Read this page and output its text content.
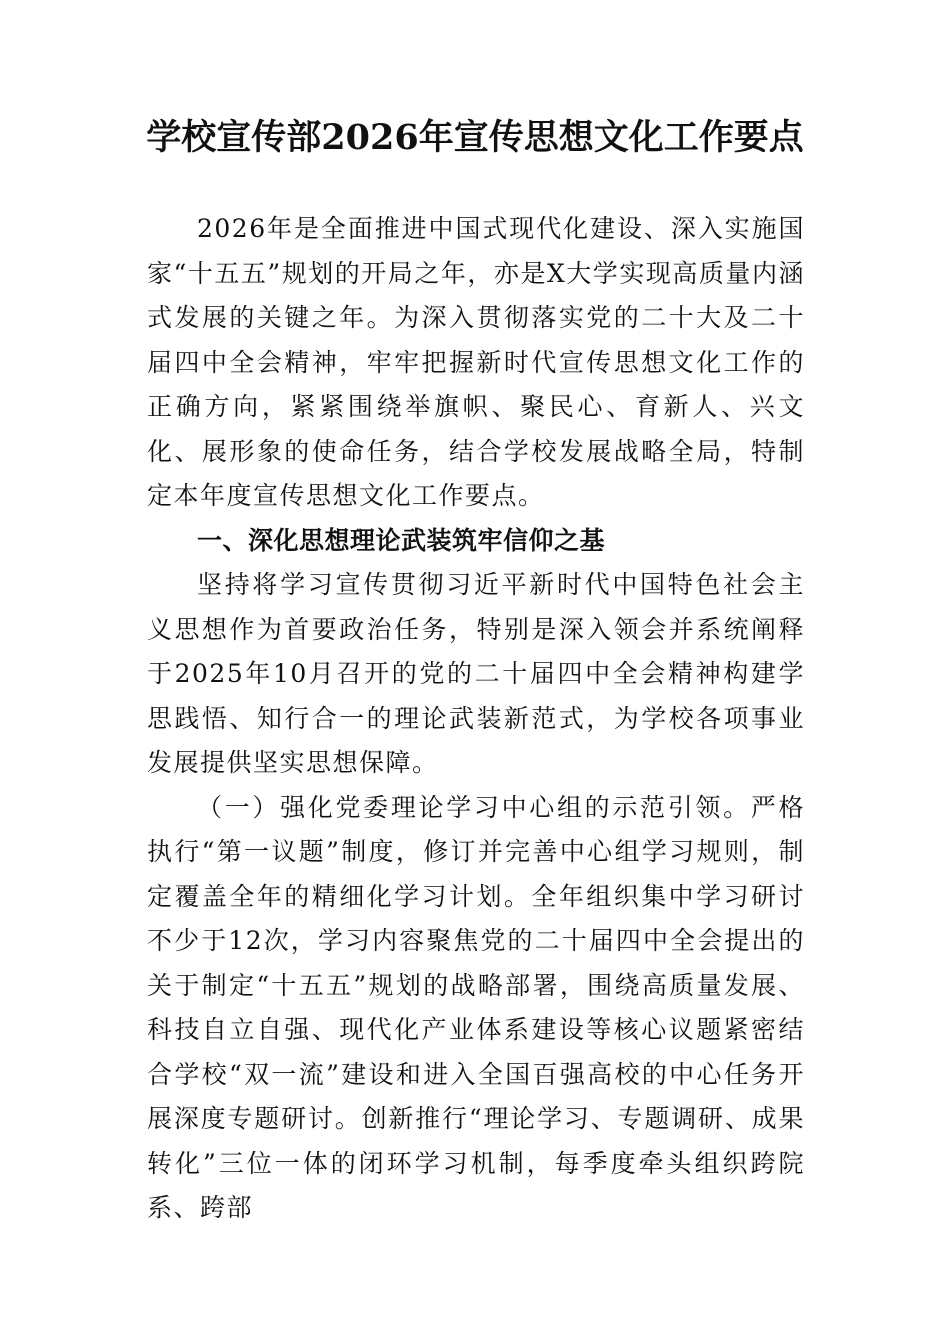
学校宣传部2026年宣传思想文化工作要点

2026年是全面推进中国式现代化建设、深入实施国家“十五五”规划的开局之年，亦是X大学实现高质量内涵式发展的关键之年。为深入贯彻落实党的二十大及二十届四中全会精神，牢牢把握新时代宣传思想文化工作的正确方向，紧紧围绕举旗帜、聚民心、育新人、兴文化、展形象的使命任务，结合学校发展战略全局，特制定本年度宣传思想文化工作要点。

一、深化思想理论武装筑牢信仰之基

坚持将学习宣传贯彻习近平新时代中国特色社会主义思想作为首要政治任务，特别是深入领会并系统阐释于2025年10月召开的党的二十届四中全会精神构建学思践悟、知行合一的理论武装新范式，为学校各项事业发展提供坚实思想保障。

（一）强化党委理论学习中心组的示范引领。严格执行“第一议题”制度，修订并完善中心组学习规则，制定覆盖全年的精细化学习计划。全年组织集中学习研讨不少于12次，学习内容聚焦党的二十届四中全会提出的关于制定“十五五”规划的战略部署，围绕高质量发展、科技自立自强、现代化产业体系建设等核心议题紧密结合学校“双一流”建设和进入全国百强高校的中心任务开展深度专题研讨。创新推行“理论学习、专题调研、成果转化”三位一体的闭环学习机制，每季度牵头组织跨院系、跨部
